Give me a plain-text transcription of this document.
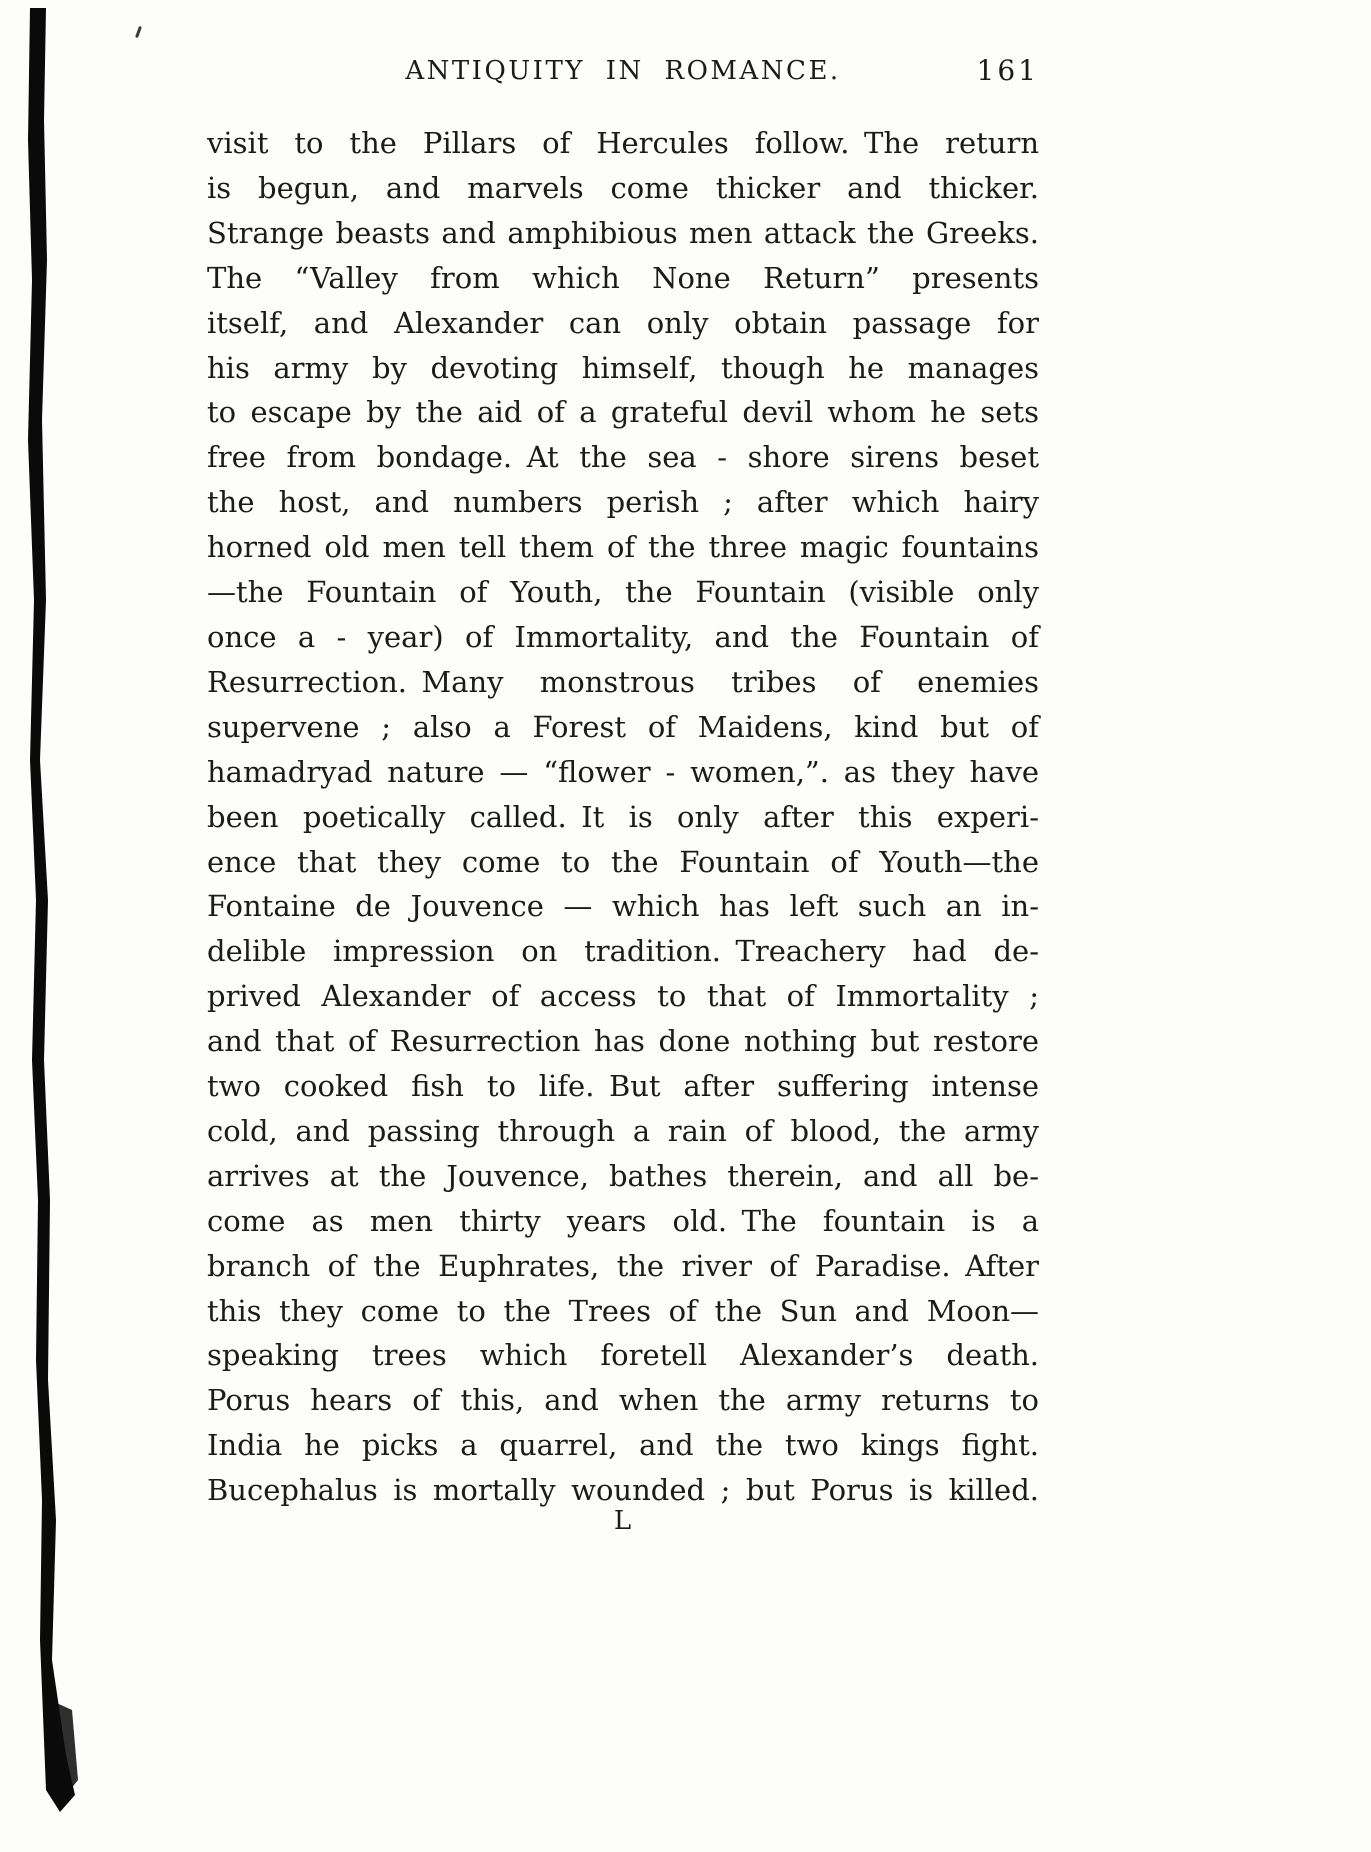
ANTIQUITY IN ROMANCE.	161
visit to the Pillars of Hercules follow. The return
is begun, and marvels come thicker and thicker.
Strange beasts and amphibious men attack the Greeks.
The “Valley from which None Return” presents
itself, and Alexander can only obtain passage for
his army by devoting himself, though he manages
to escape by the aid of a grateful devil whom he sets
free from bondage. At the sea - shore sirens beset
the host, and numbers perish ; after which hairy
horned old men tell them of the three magic fountains
—the Fountain of Youth, the Fountain (visible only
once a - year) of Immortality, and the Fountain of
Resurrection. Many monstrous tribes of enemies
supervene ; also a Forest of Maidens, kind but of
hamadryad nature — “flower - women,”. as they have
been poetically called. It is only after this experi-
ence that they come to the Fountain of Youth—the
Fontaine de Jouvence — which has left such an in-
delible impression on tradition. Treachery had de-
prived Alexander of access to that of Immortality ;
and that of Resurrection has done nothing but restore
two cooked fish to life. But after suffering intense
cold, and passing through a rain of blood, the army
arrives at the Jouvence, bathes therein, and all be-
come as men thirty years old. The fountain is a
branch of the Euphrates, the river of Paradise. After
this they come to the Trees of the Sun and Moon—
speaking trees which foretell Alexander’s death.
Porus hears of this, and when the army returns to
India he picks a quarrel, and the two kings fight.
Bucephalus is mortally wounded ; but Porus is killed.
L
